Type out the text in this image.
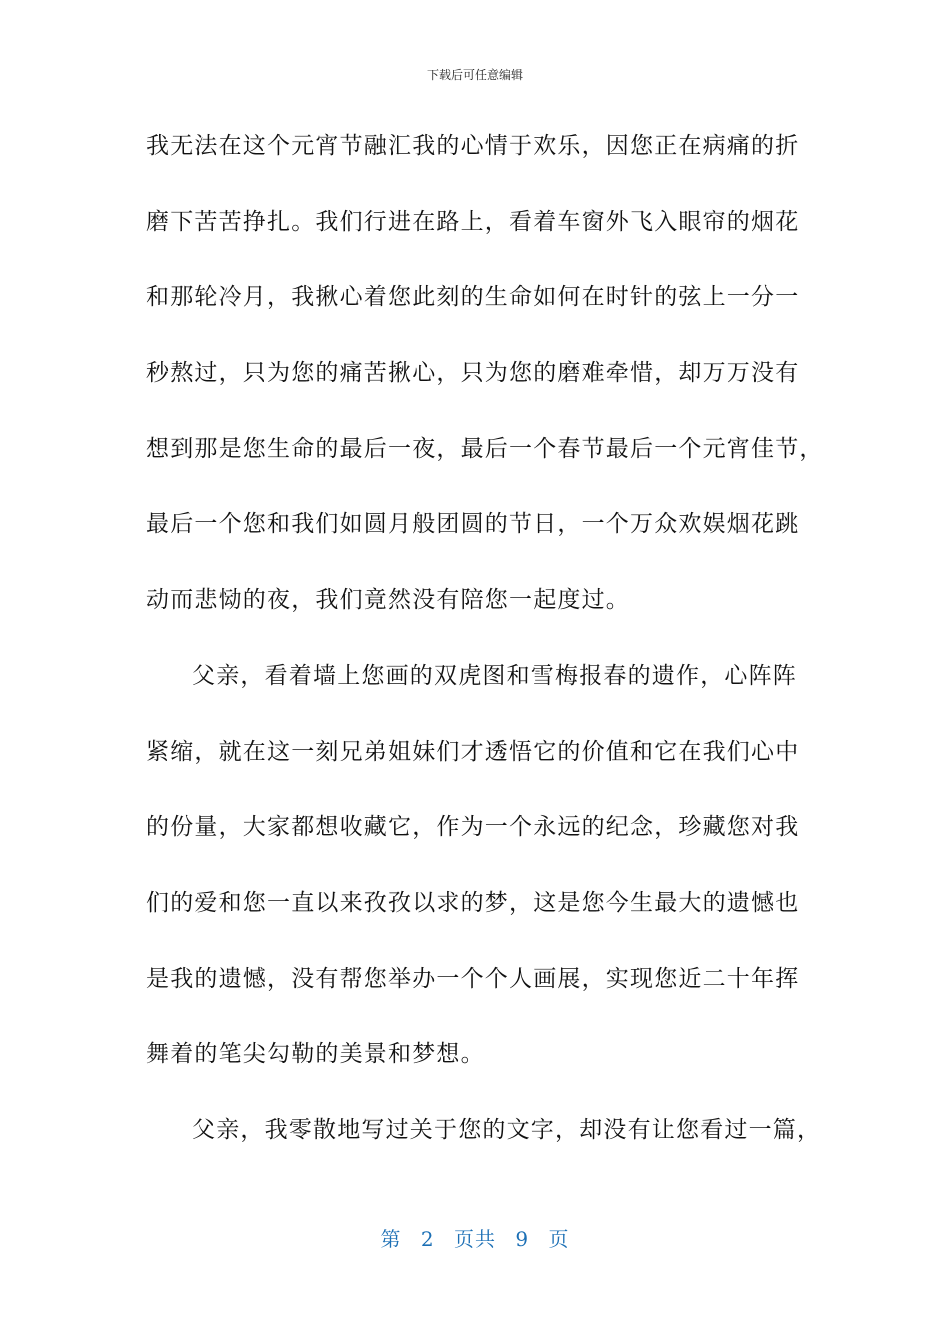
下载后可任意编辑
我无法在这个元宵节融汇我的心情于欢乐，因您正在病痛的折
磨下苦苦挣扎。我们行进在路上，看着车窗外飞入眼帘的烟花
和那轮冷月，我揪心着您此刻的生命如何在时针的弦上一分一
秒熬过，只为您的痛苦揪心，只为您的磨难牵惜，却万万没有
想到那是您生命的最后一夜，最后一个春节最后一个元宵佳节，
最后一个您和我们如圆月般团圆的节日，一个万众欢娱烟花跳
动而悲恸的夜，我们竟然没有陪您一起度过。
父亲，看着墙上您画的双虎图和雪梅报春的遗作，心阵阵
紧缩，就在这一刻兄弟姐妹们才透悟它的价值和它在我们心中
的份量，大家都想收藏它，作为一个永远的纪念，珍藏您对我
们的爱和您一直以来孜孜以求的梦，这是您今生最大的遗憾也
是我的遗憾，没有帮您举办一个个人画展，实现您近二十年挥
舞着的笔尖勾勒的美景和梦想。
父亲，我零散地写过关于您的文字，却没有让您看过一篇，
第 2 页共 9 页
